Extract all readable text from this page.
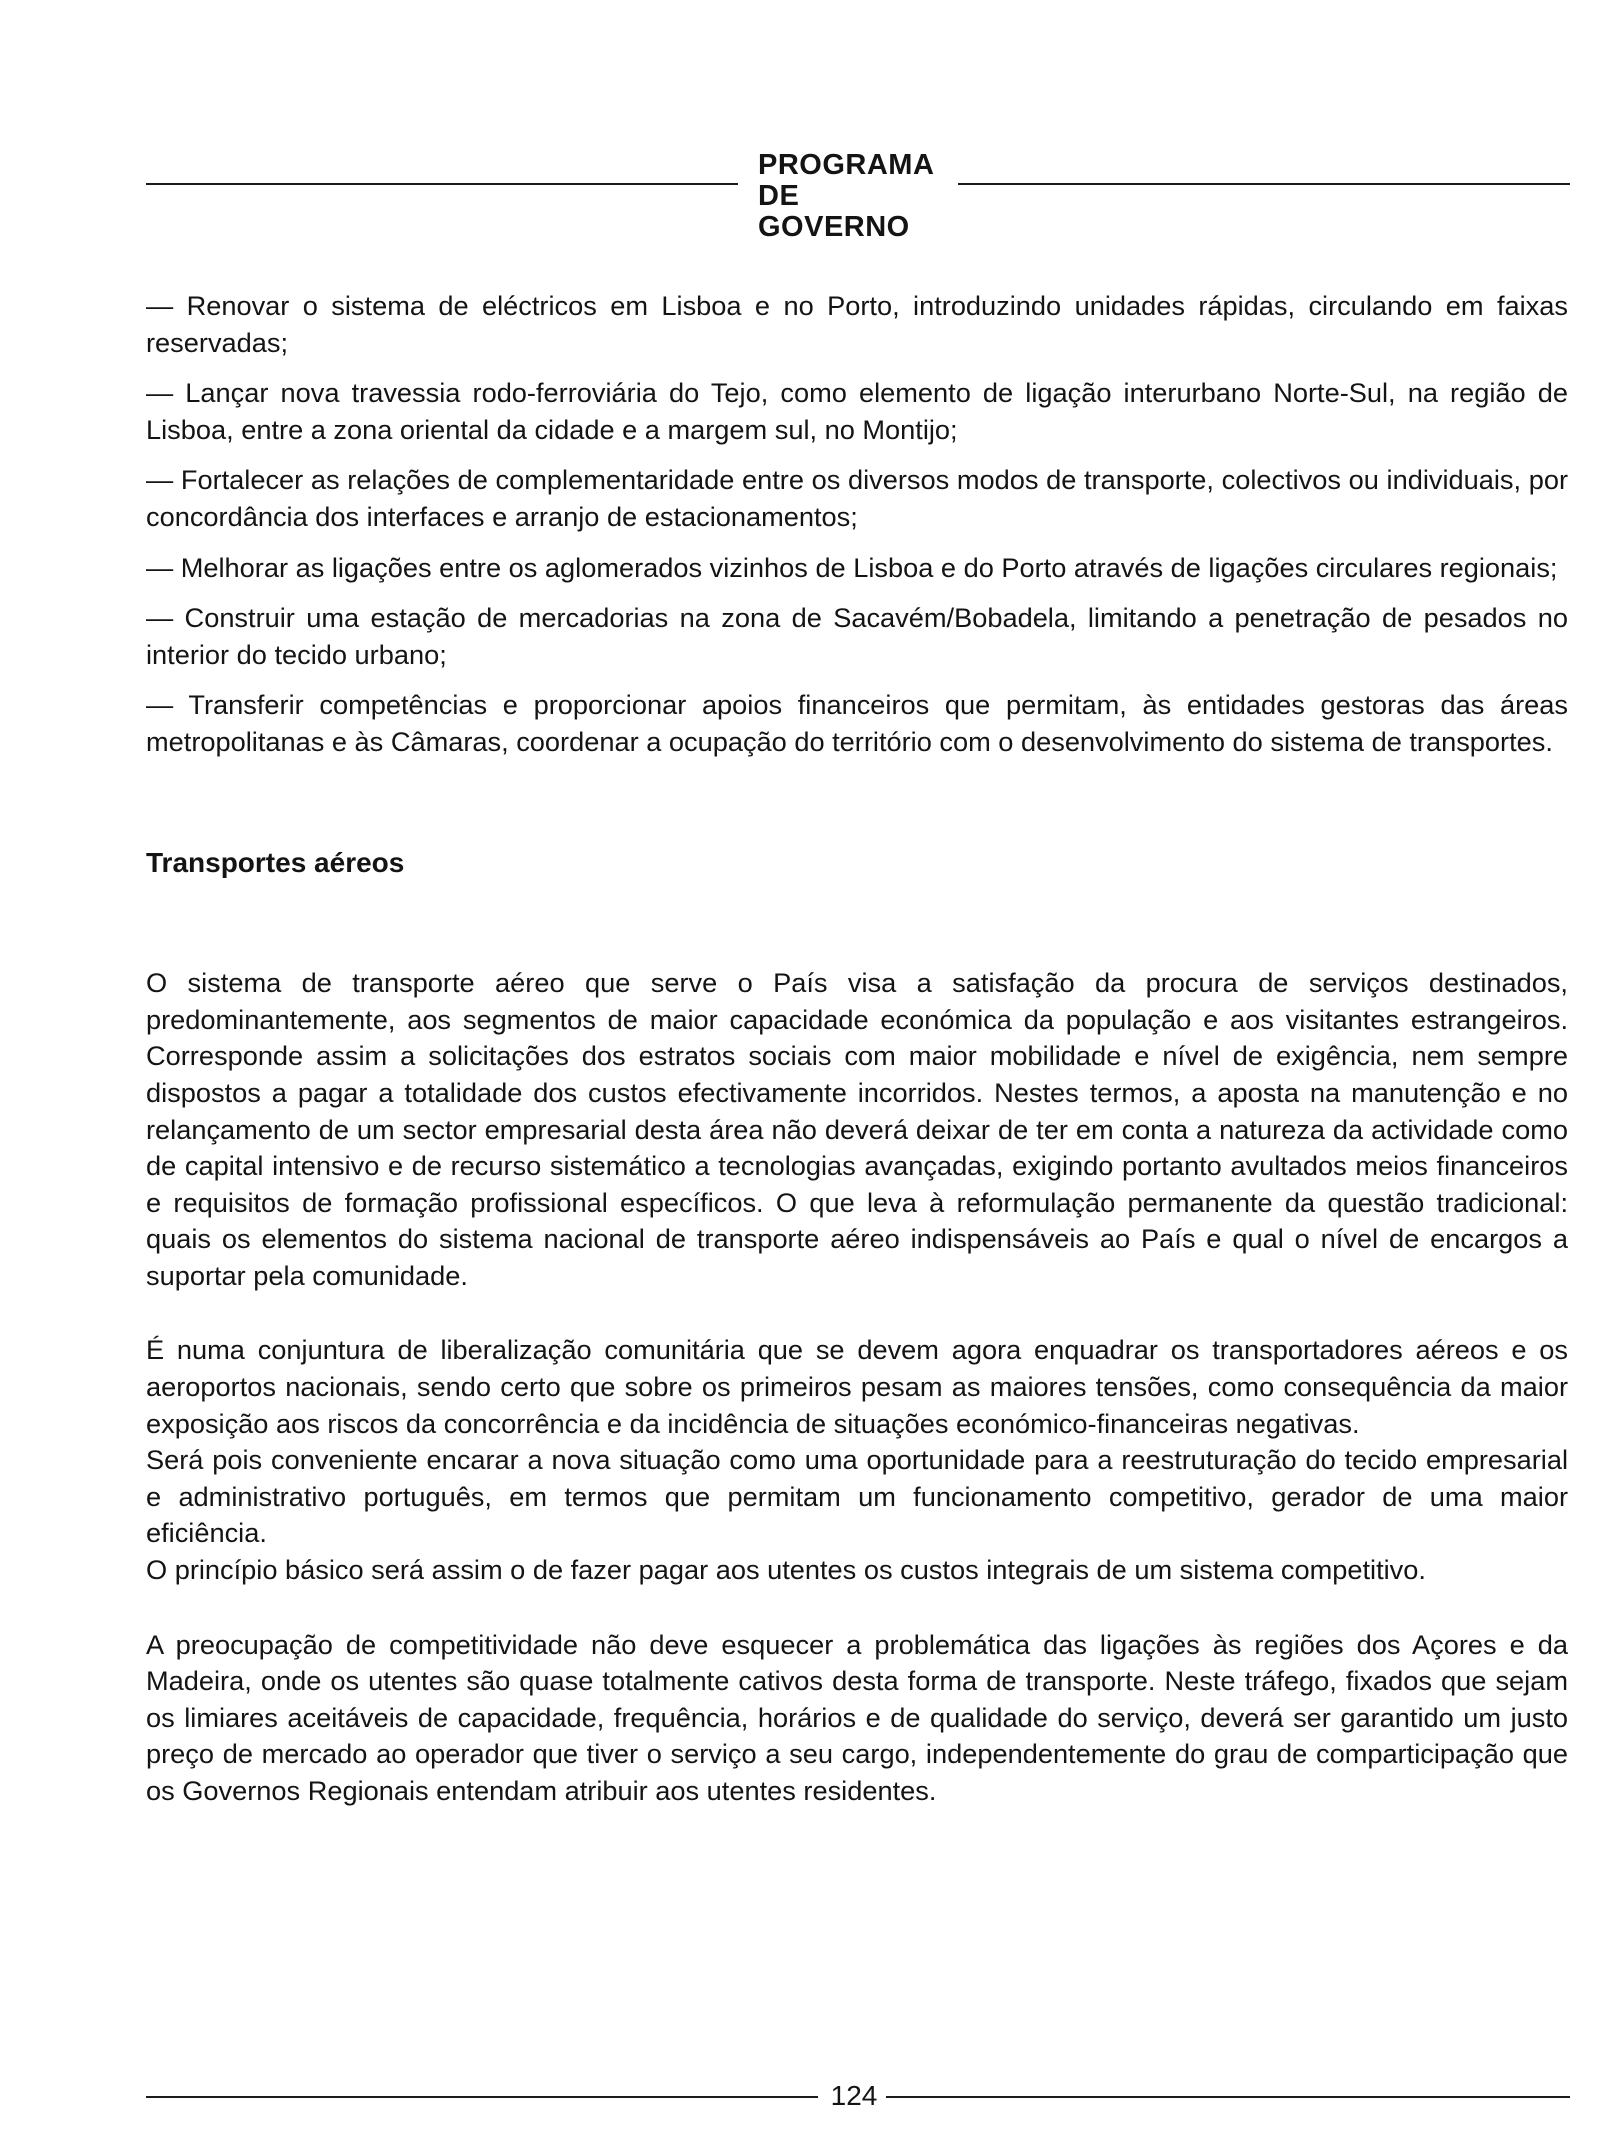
PROGRAMA
DE GOVERNO

— Renovar o sistema de eléctricos em Lisboa e no Porto, introduzindo unidades rápidas, circulando em faixas reservadas;

— Lançar nova travessia rodo-ferroviária do Tejo, como elemento de ligação interurbano Norte-Sul, na região de Lisboa, entre a zona oriental da cidade e a margem sul, no Montijo;

— Fortalecer as relações de complementaridade entre os diversos modos de transporte, colectivos ou individuais, por concordância dos interfaces e arranjo de estacionamentos;

— Melhorar as ligações entre os aglomerados vizinhos de Lisboa e do Porto através de ligações circulares regionais;

— Construir uma estação de mercadorias na zona de Sacavém/Bobadela, limitando a penetração de pesados no interior do tecido urbano;

— Transferir competências e proporcionar apoios financeiros que permitam, às entidades gestoras das áreas metropolitanas e às Câmaras, coordenar a ocupação do território com o desenvolvimento do sistema de transportes.

Transportes aéreos

O sistema de transporte aéreo que serve o País visa a satisfação da procura de serviços destinados, predominantemente, aos segmentos de maior capacidade económica da população e aos visitantes estrangeiros. Corresponde assim a solicitações dos estratos sociais com maior mobilidade e nível de exigência, nem sempre dispostos a pagar a totalidade dos custos efectivamente incorridos. Nestes termos, a aposta na manutenção e no relançamento de um sector empresarial desta área não deverá deixar de ter em conta a natureza da actividade como de capital intensivo e de recurso sistemático a tecnologias avançadas, exigindo portanto avultados meios financeiros e requisitos de formação profissional específicos. O que leva à reformulação permanente da questão tradicional: quais os elementos do sistema nacional de transporte aéreo indispensáveis ao País e qual o nível de encargos a suportar pela comunidade.

É numa conjuntura de liberalização comunitária que se devem agora enquadrar os transportadores aéreos e os aeroportos nacionais, sendo certo que sobre os primeiros pesam as maiores tensões, como consequência da maior exposição aos riscos da concorrência e da incidência de situações económico-financeiras negativas.

Será pois conveniente encarar a nova situação como uma oportunidade para a reestruturação do tecido empresarial e administrativo português, em termos que permitam um funcionamento competitivo, gerador de uma maior eficiência.

O princípio básico será assim o de fazer pagar aos utentes os custos integrais de um sistema competitivo.

A preocupação de competitividade não deve esquecer a problemática das ligações às regiões dos Açores e da Madeira, onde os utentes são quase totalmente cativos desta forma de transporte. Neste tráfego, fixados que sejam os limiares aceitáveis de capacidade, frequência, horários e de qualidade do serviço, deverá ser garantido um justo preço de mercado ao operador que tiver o serviço a seu cargo, independentemente do grau de comparticipação que os Governos Regionais entendam atribuir aos utentes residentes.

124
